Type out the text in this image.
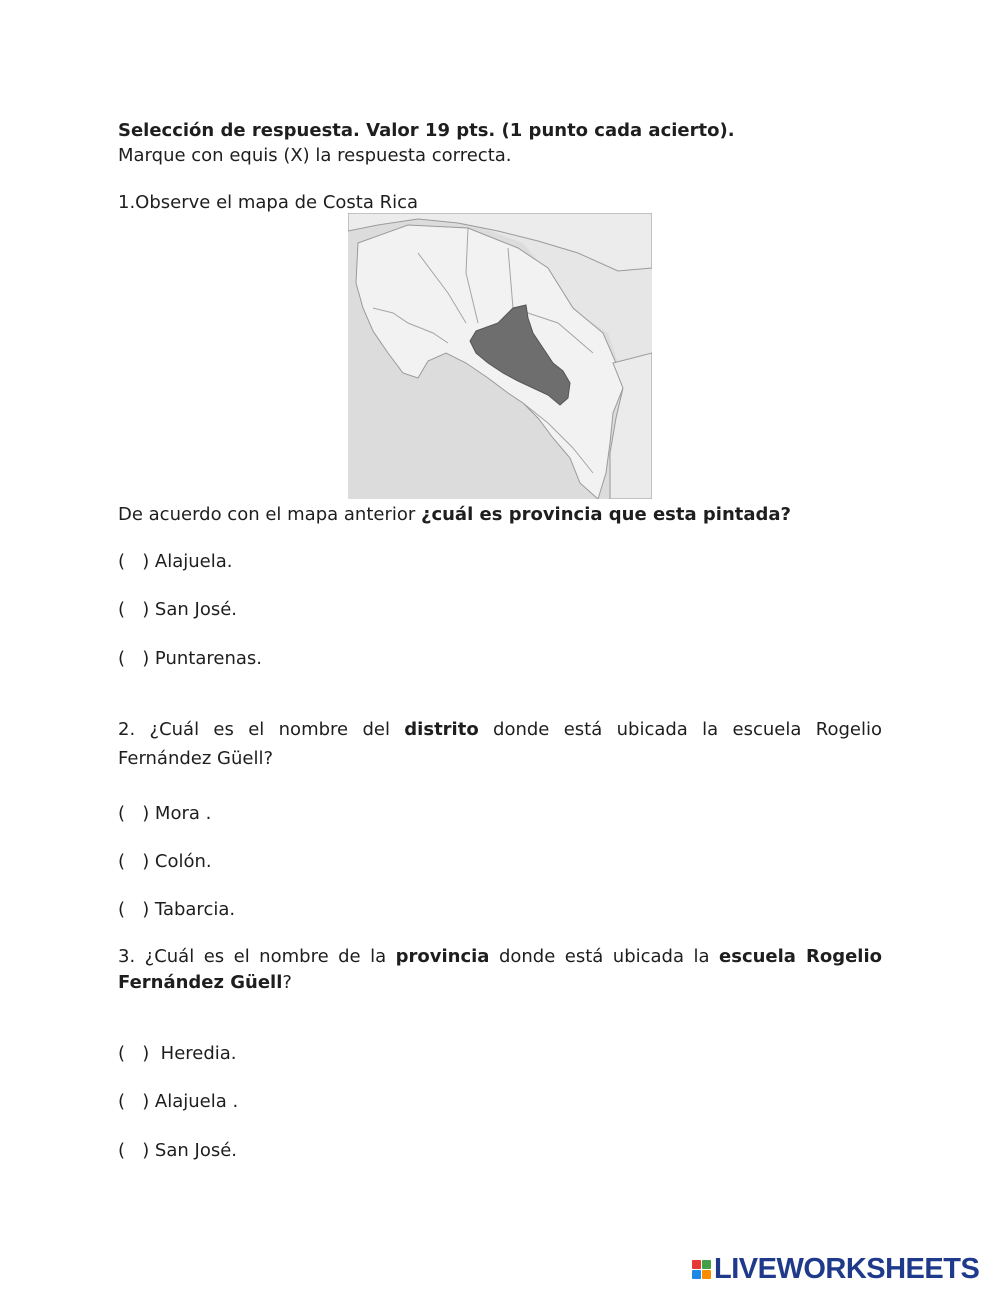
Selección de respuesta. Valor 19 pts. (1 punto cada acierto).
Marque con equis (X) la respuesta correcta.
1.Observe el mapa de Costa Rica
De acuerdo con el mapa anterior ¿cuál es provincia que esta pintada?
(   ) Alajuela.
(   ) San José.
(   ) Puntarenas.
2. ¿Cuál es el nombre del distrito donde está ubicada la escuela Rogelio
Fernández Güell?
(   ) Mora .
(   ) Colón.
(   ) Tabarcia.
3. ¿Cuál es el nombre de la provincia donde está ubicada la escuela Rogelio
Fernández Güell?
(   )  Heredia.
(   ) Alajuela .
(   ) San José.
LIVEWORKSHEETS
